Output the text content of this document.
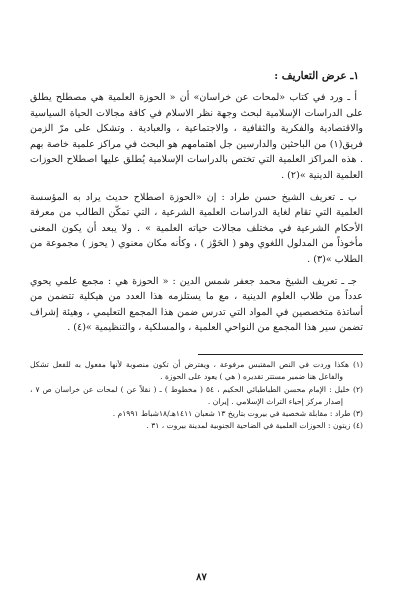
١ـ عرض التعاريف :

أ ـ ورد في كتاب «لمحات عن خراسان» أن « الحوزة العلمية هي مصطلح يطلق على الدراسات الإسلامية لبحث وجهة نظر الاسلام في كافة مجالات الحياة السياسية والاقتصادية والفكرية والثقافية ، والاجتماعية ، والعبادية . وتشكل على مرّ الزمن فريق(١) من الباحثين والدارسين جل اهتمامهم هو البحث في مراكز علمية خاصة بهم . هذه المراكز العلمية التي تختص بالدراسات الإسلامية يُطلق عليها اصطلاح الحوزات العلمية الدينية »(٢) .

ب ـ تعريف الشيخ حسن طراد : إن «الحوزة اصطلاح حديث يراد به المؤسسة العلمية التي تقام لغاية الدراسات العلمية الشرعية ، التي تمكّن الطالب من معرفة الأحكام الشرعية في مختلف مجالات حياته العلمية » . ولا يبعد أن يكون المعنى مأخوذاً من المدلول اللغوي وهو ( الحَوْز ) ، وكأنه مكان معنوي ( يحوز ) مجموعة من الطلاب »(٣) .

جـ ـ تعريف الشيخ محمد جعفر شمس الدين : « الحوزة هي : مجمع علمي يحوي عدداً من طلاب العلوم الدينية ، مع ما يستلزمه هذا العدد من هيكلية تتضمن من أساتذة متخصصين في المواد التي تدرس ضمن هذا المجمع التعليمي ، وهيئة إشراف تضمن سير هذا المجمع من النواحي العلمية ، والمسلكية ، والتنظيمية »(٤) .

(١) هكذا وردت في النص المقتبس مرفوعة ، ويفترض أن تكون منصوبة لأنها مفعول به للفعل تشكل والفاعل هنا ضمير مستتر تقديره ( هي ) يعود على الحوزة .

(٢) خليل : الإمام محسن الطباطبائي الحكيم ، ٥٤ ( مخطوط ) ـ ( نقلاً عن ) لمحات عن خراسان ص ٧ ، إصدار مركز إحياء التراث الإسلامي . إيران .

(٣) طراد : مقابلة شخصية في بيروت بتاريخ ١٣ شعبان ١٤١١هـ/١٨شباط ١٩٩١م .

(٤) زيتون : الحوزات العلمية في الضاحية الجنوبية لمدينة بيروت ، ٣١ .

٨٧
